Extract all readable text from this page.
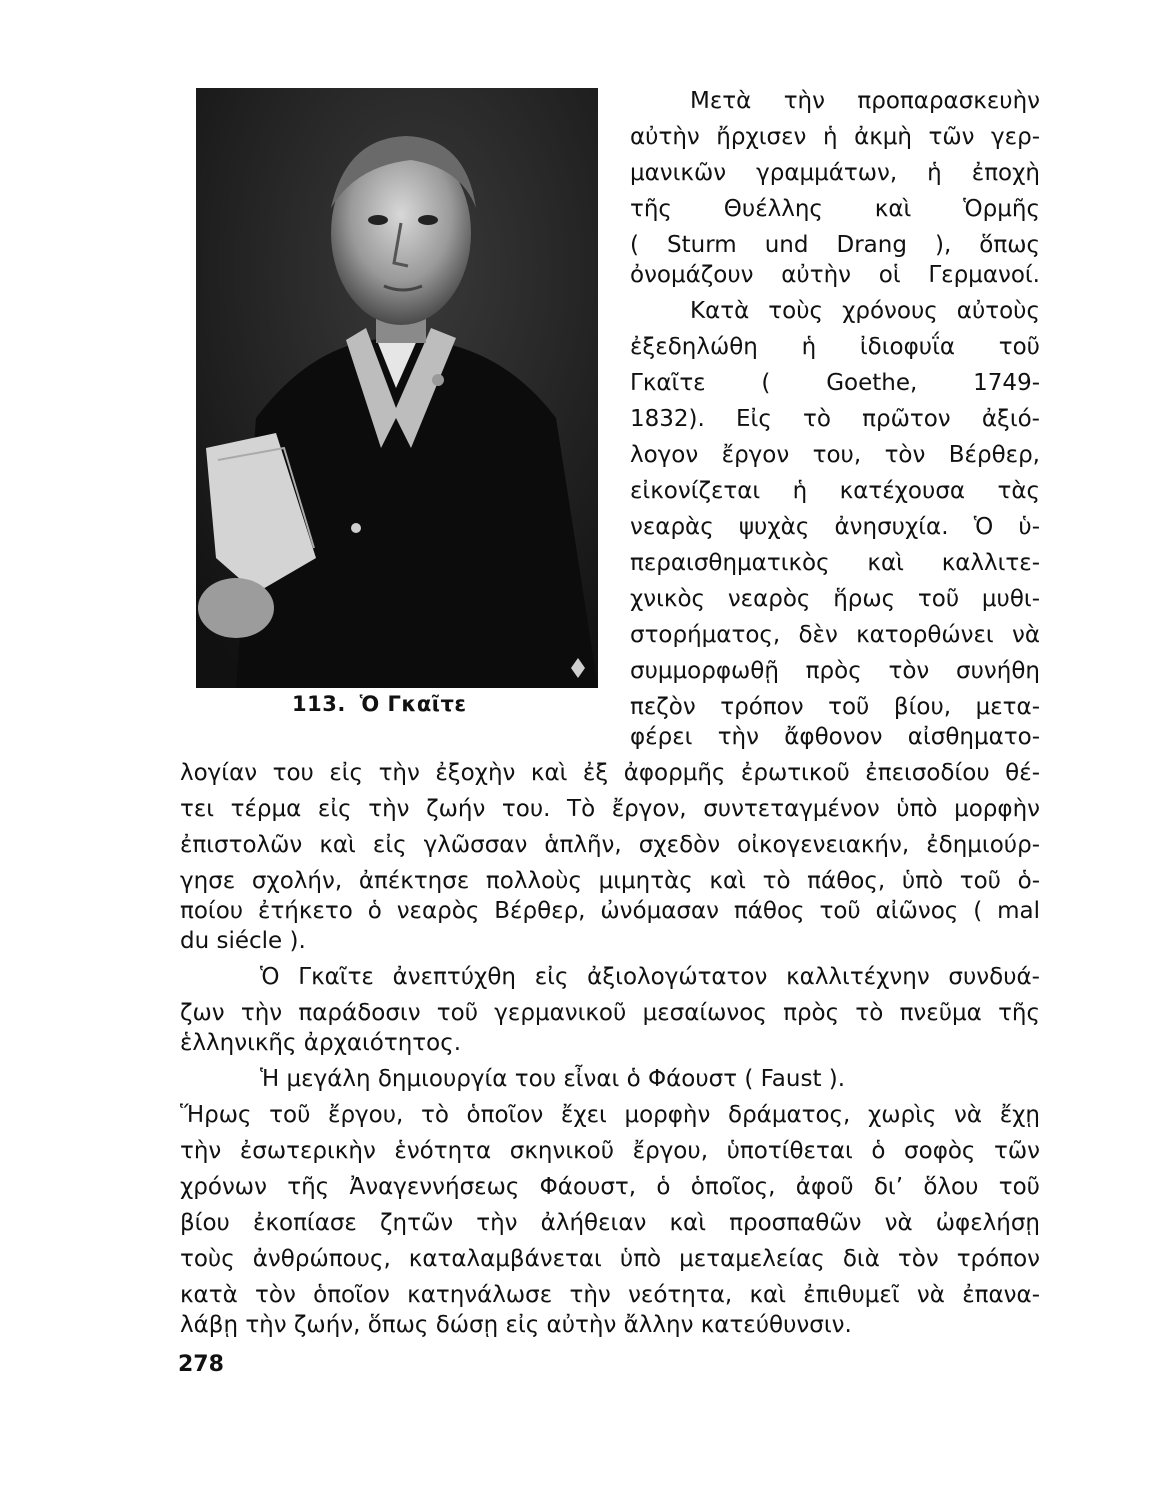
113. Ὁ Γκαῖτε
Μετὰ τὴν προπαρασκευὴν
αὐτὴν ἤρχισεν ἡ ἀκμὴ τῶν γερ-
μανικῶν γραμμάτων, ἡ ἐποχὴ
τῆς Θυέλλης καὶ Ὁρμῆς
( Sturm und Drang ), ὅπως
ὀνομάζουν αὐτὴν οἱ Γερμανοί.
Κατὰ τοὺς χρόνους αὐτοὺς
ἐξεδηλώθη ἡ ἰδιοφυΐα τοῦ
Γκαῖτε ( Goethe, 1749-
1832). Εἰς τὸ πρῶτον ἀξιό-
λογον ἔργον του, τὸν Βέρθερ,
εἰκονίζεται ἡ κατέχουσα τὰς
νεαρὰς ψυχὰς ἀνησυχία. Ὁ ὑ-
περαισθηματικὸς καὶ καλλιτε-
χνικὸς νεαρὸς ἥρως τοῦ μυθι-
στορήματος, δὲν κατορθώνει νὰ
συμμορφωθῇ πρὸς τὸν συνήθη
πεζὸν τρόπον τοῦ βίου, μετα-
φέρει τὴν ἄφθονον αἰσθηματο-
λογίαν του εἰς τὴν ἐξοχὴν καὶ ἐξ ἀφορμῆς ἐρωτικοῦ ἐπεισοδίου θέ-
τει τέρμα εἰς τὴν ζωήν του. Τὸ ἔργον, συντεταγμένον ὑπὸ μορφὴν
ἐπιστολῶν καὶ εἰς γλῶσσαν ἁπλῆν, σχεδὸν οἰκογενειακήν, ἐδημιούρ-
γησε σχολήν, ἀπέκτησε πολλοὺς μιμητὰς καὶ τὸ πάθος, ὑπὸ τοῦ ὁ-
ποίου ἐτήκετο ὁ νεαρὸς Βέρθερ, ὠνόμασαν πάθος τοῦ αἰῶνος ( mal
du siécle ).
Ὁ Γκαῖτε ἀνεπτύχθη εἰς ἀξιολογώτατον καλλιτέχνην συνδυά-
ζων τὴν παράδοσιν τοῦ γερμανικοῦ μεσαίωνος πρὸς τὸ πνεῦμα τῆς
ἑλληνικῆς ἀρχαιότητος.
Ἡ μεγάλη δημιουργία του εἶναι ὁ Φάουστ ( Faust ).
Ἥρως τοῦ ἔργου, τὸ ὁποῖον ἔχει μορφὴν δράματος, χωρὶς νὰ ἔχῃ
τὴν ἐσωτερικὴν ἑνότητα σκηνικοῦ ἔργου, ὑποτίθεται ὁ σοφὸς τῶν
χρόνων τῆς Ἀναγεννήσεως Φάουστ, ὁ ὁποῖος, ἀφοῦ δι’ ὅλου τοῦ
βίου ἐκοπίασε ζητῶν τὴν ἀλήθειαν καὶ προσπαθῶν νὰ ὠφελήσῃ
τοὺς ἀνθρώπους, καταλαμβάνεται ὑπὸ μεταμελείας διὰ τὸν τρόπον
κατὰ τὸν ὁποῖον κατηνάλωσε τὴν νεότητα, καὶ ἐπιθυμεῖ νὰ ἐπανα-
λάβῃ τὴν ζωήν, ὅπως δώσῃ εἰς αὐτὴν ἄλλην κατεύθυνσιν.
278
